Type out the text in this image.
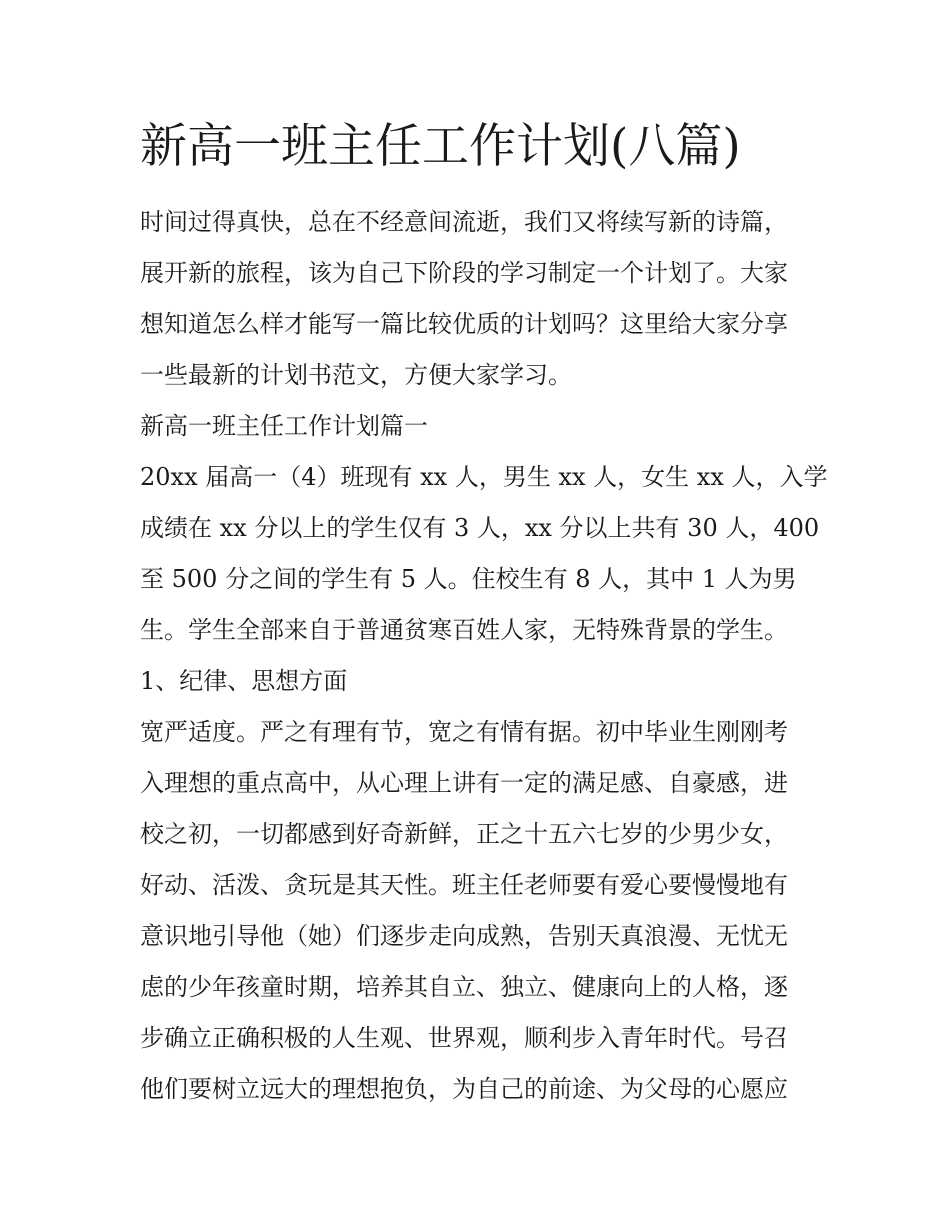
新高一班主任工作计划(八篇)
时间过得真快，总在不经意间流逝，我们又将续写新的诗篇，
展开新的旅程，该为自己下阶段的学习制定一个计划了。大家
想知道怎么样才能写一篇比较优质的计划吗？这里给大家分享
一些最新的计划书范文，方便大家学习。
新高一班主任工作计划篇一
20xx 届高一（4）班现有 xx 人，男生 xx 人，女生 xx 人，入学
成绩在 xx 分以上的学生仅有 3 人，xx 分以上共有 30 人，400
至 500 分之间的学生有 5 人。住校生有 8 人，其中 1 人为男
生。学生全部来自于普通贫寒百姓人家，无特殊背景的学生。
1、纪律、思想方面
宽严适度。严之有理有节，宽之有情有据。初中毕业生刚刚考
入理想的重点高中，从心理上讲有一定的满足感、自豪感，进
校之初，一切都感到好奇新鲜，正之十五六七岁的少男少女，
好动、活泼、贪玩是其天性。班主任老师要有爱心要慢慢地有
意识地引导他（她）们逐步走向成熟，告别天真浪漫、无忧无
虑的少年孩童时期，培养其自立、独立、健康向上的人格，逐
步确立正确积极的人生观、世界观，顺利步入青年时代。号召
他们要树立远大的理想抱负，为自己的前途、为父母的心愿应
